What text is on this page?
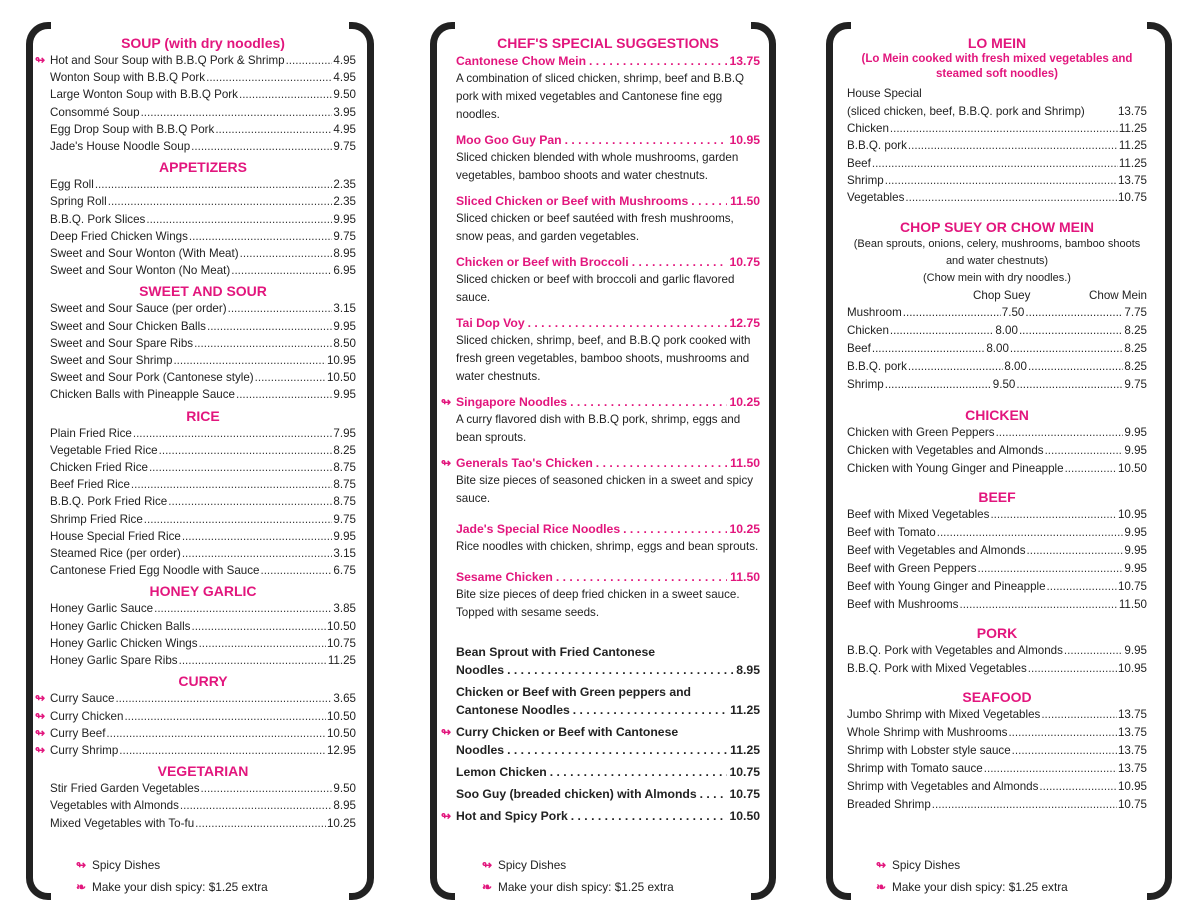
SOUP (with dry noodles)
↬ Hot and Sour Soup with B.B.Q Pork & Shrimp .....	4.95
Wonton Soup with B.B.Q Pork .....	4.95
Large Wonton Soup with B.B.Q Pork .....	9.50
Consommé Soup .....	3.95
Egg Drop Soup with B.B.Q Pork .....	4.95
Jade's House Noodle Soup .....	9.75
APPETIZERS
Egg Roll .....	2.35
Spring Roll .....	2.35
B.B.Q. Pork Slices .....	9.95
Deep Fried Chicken Wings .....	9.75
Sweet and Sour Wonton (With Meat) .....	8.95
Sweet and Sour Wonton (No Meat) .....	6.95
SWEET AND SOUR
Sweet and Sour Sauce (per order) .....	3.15
Sweet and Sour Chicken Balls .....	9.95
Sweet and Sour Spare Ribs .....	8.50
Sweet and Sour Shrimp .....	10.95
Sweet and Sour Pork (Cantonese style) .....	10.50
Chicken Balls with Pineapple Sauce .....	9.95
RICE
Plain Fried Rice .....	7.95
Vegetable Fried Rice .....	8.25
Chicken Fried Rice .....	8.75
Beef Fried Rice .....	8.75
B.B.Q. Pork Fried Rice .....	8.75
Shrimp Fried Rice .....	9.75
House Special Fried Rice .....	9.95
Steamed Rice (per order) .....	3.15
Cantonese Fried Egg Noodle with Sauce .....	6.75
HONEY GARLIC
Honey Garlic Sauce .....	3.85
Honey Garlic Chicken Balls .....	10.50
Honey Garlic Chicken Wings .....	10.75
Honey Garlic Spare Ribs .....	11.25
CURRY
↬ Curry Sauce .....	3.65
↬ Curry Chicken .....	10.50
↬ Curry Beef .....	10.50
↬ Curry Shrimp .....	12.95
VEGETARIAN
Stir Fried Garden Vegetables .....	9.50
Vegetables with Almonds .....	8.95
Mixed Vegetables with To-fu .....	10.25
↬ Spicy Dishes
❧ Make your dish spicy: $1.25 extra
CHEF'S SPECIAL SUGGESTIONS
Cantonese Chow Mein . . .	13.75
A combination of sliced chicken, shrimp, beef and B.B.Q pork with mixed vegetables and Cantonese fine egg noodles.
Moo Goo Guy Pan . . .	10.95
Sliced chicken blended with whole mushrooms, garden vegetables, bamboo shoots and water chestnuts.
Sliced Chicken or Beef with Mushrooms . . .	11.50
Sliced chicken or beef sautéed with fresh mushrooms, snow peas, and garden vegetables.
Chicken or Beef with Broccoli . . .	10.75
Sliced chicken or beef with broccoli and garlic flavored sauce.
Tai Dop Voy . . .	12.75
Sliced chicken, shrimp, beef, and B.B.Q pork cooked with fresh green vegetables, bamboo shoots, mushrooms and water chestnuts.
↬ Singapore Noodles . . .	10.25
A curry flavored dish with B.B.Q pork, shrimp, eggs and bean sprouts.
↬ Generals Tao's Chicken . . .	11.50
Bite size pieces of seasoned chicken in a sweet and spicy sauce.
Jade's Special Rice Noodles . . .	10.25
Rice noodles with chicken, shrimp, eggs and bean sprouts.
Sesame Chicken . . .	11.50
Bite size pieces of deep fried chicken in a sweet sauce. Topped with sesame seeds.
Bean Sprout with Fried Cantonese
Noodles . . .	8.95
Chicken or Beef with Green peppers and
Cantonese Noodles . . .	11.25
↬ Curry Chicken or Beef with Cantonese
Noodles . . .	11.25
Lemon Chicken . . .	10.75
Soo Guy (breaded chicken) with Almonds . . .	10.75
↬ Hot and Spicy Pork . . .	10.50
↬ Spicy Dishes
❧ Make your dish spicy: $1.25 extra
LO MEIN
(Lo Mein cooked with fresh mixed vegetables and steamed soft noodles)
House Special
(sliced chicken, beef, B.B.Q. pork and Shrimp)	13.75
Chicken .....	11.25
B.B.Q. pork .....	11.25
Beef .....	11.25
Shrimp .....	13.75
Vegetables .....	10.75
CHOP SUEY OR CHOW MEIN
(Bean sprouts, onions, celery, mushrooms, bamboo shoots and water chestnuts)
(Chow mein with dry noodles.)
Chop Suey	Chow Mein
Mushroom .....	7.50 .....	7.75
Chicken .....	8.00 .....	8.25
Beef .....	8.00 .....	8.25
B.B.Q. pork .....	8.00 .....	8.25
Shrimp .....	9.50 .....	9.75
CHICKEN
Chicken with Green Peppers .....	9.95
Chicken with Vegetables and Almonds .....	9.95
Chicken with Young Ginger and Pineapple .....	10.50
BEEF
Beef with Mixed Vegetables .....	10.95
Beef with Tomato .....	9.95
Beef with Vegetables and Almonds .....	9.95
Beef with Green Peppers .....	9.95
Beef with Young Ginger and Pineapple .....	10.75
Beef with Mushrooms .....	11.50
PORK
B.B.Q. Pork with Vegetables and Almonds .....	9.95
B.B.Q. Pork with Mixed Vegetables .....	10.95
SEAFOOD
Jumbo Shrimp with Mixed Vegetables .....	13.75
Whole Shrimp with Mushrooms .....	13.75
Shrimp with Lobster style sauce .....	13.75
Shrimp with Tomato sauce .....	13.75
Shrimp with Vegetables and Almonds .....	10.95
Breaded Shrimp .....	10.75
↬ Spicy Dishes
❧ Make your dish spicy: $1.25 extra
